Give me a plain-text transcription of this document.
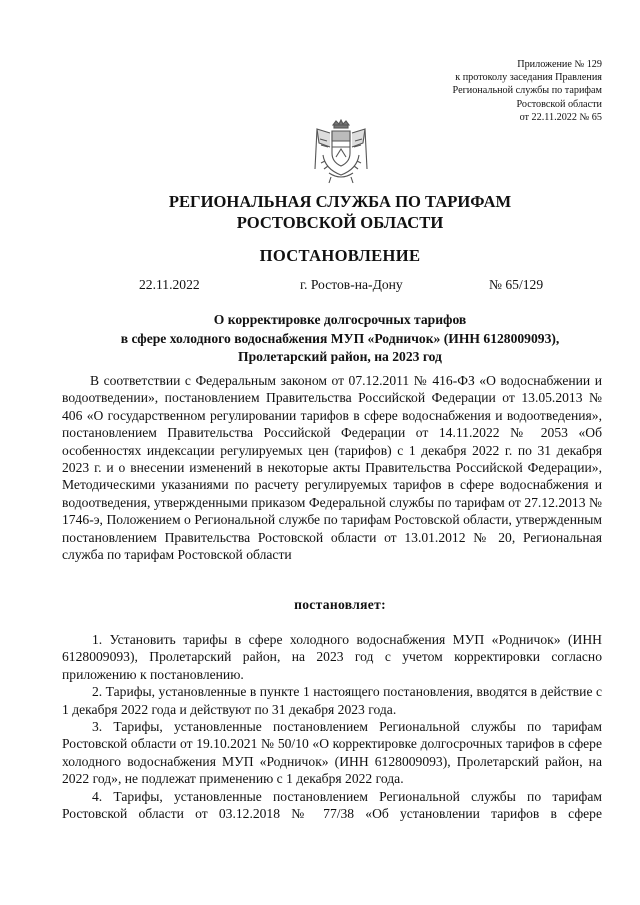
Приложение № 129
к протоколу заседания Правления
Региональной службы по тарифам
Ростовской области
от 22.11.2022 № 65
РЕГИОНАЛЬНАЯ СЛУЖБА ПО ТАРИФАМ
РОСТОВСКОЙ ОБЛАСТИ
ПОСТАНОВЛЕНИЕ
22.11.2022	г. Ростов-на-Дону	№ 65/129
О корректировке долгосрочных тарифов
в сфере холодного водоснабжения МУП «Родничок» (ИНН 6128009093),
Пролетарский район, на 2023 год

В соответствии с Федеральным законом от 07.12.2011 № 416-ФЗ «О водоснабжении и водоотведении», постановлением Правительства Российской Федерации от 13.05.2013 № 406 «О государственном регулировании тарифов в сфере водоснабжения и водоотведения», постановлением Правительства Российской Федерации от 14.11.2022 № 2053 «Об особенностях индексации регулируемых цен (тарифов) с 1 декабря 2022 г. по 31 декабря 2023 г. и о внесении изменений в некоторые акты Правительства Российской Федерации», Методическими указаниями по расчету регулируемых тарифов в сфере водоснабжения и водоотведения, утвержденными приказом Федеральной службы по тарифам от 27.12.2013 № 1746-э, Положением о Региональной службе по тарифам Ростовской области, утвержденным постановлением Правительства Ростовской области от 13.01.2012 № 20, Региональная служба по тарифам Ростовской области

постановляет:

1. Установить тарифы в сфере холодного водоснабжения МУП «Родничок» (ИНН 6128009093), Пролетарский район, на 2023 год с учетом корректировки согласно приложению к постановлению.

2. Тарифы, установленные в пункте 1 настоящего постановления, вводятся в действие с 1 декабря 2022 года и действуют по 31 декабря 2023 года.

3. Тарифы, установленные постановлением Региональной службы по тарифам Ростовской области от 19.10.2021 № 50/10 «О корректировке долгосрочных тарифов в сфере холодного водоснабжения МУП «Родничок» (ИНН 6128009093), Пролетарский район, на 2022 год», не подлежат применению с 1 декабря 2022 года.

4. Тарифы, установленные постановлением Региональной службы по тарифам Ростовской области от 03.12.2018 № 77/38 «Об установлении тарифов в сфере
